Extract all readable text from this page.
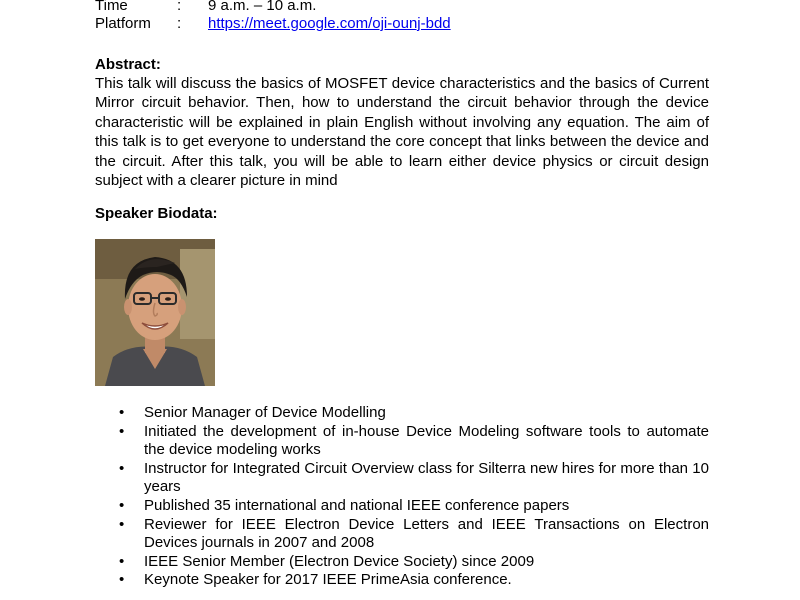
Time	: 9 a.m. – 10 a.m.
Platform : https://meet.google.com/oji-ounj-bdd
Abstract:
This talk will discuss the basics of MOSFET device characteristics and the basics of Current Mirror circuit behavior. Then, how to understand the circuit behavior through the device characteristic will be explained in plain English without involving any equation. The aim of this talk is to get everyone to understand the core concept that links between the device and the circuit. After this talk, you will be able to learn either device physics or circuit design subject with a clearer picture in mind
Speaker Biodata:
• Senior Manager of Device Modelling
• Initiated the development of in-house Device Modeling software tools to automate the device modeling works
• Instructor for Integrated Circuit Overview class for Silterra new hires for more than 10 years
• Published 35 international and national IEEE conference papers
• Reviewer for IEEE Electron Device Letters and IEEE Transactions on Electron Devices journals in 2007 and 2008
• IEEE Senior Member (Electron Device Society) since 2009
• Keynote Speaker for 2017 IEEE PrimeAsia conference.
